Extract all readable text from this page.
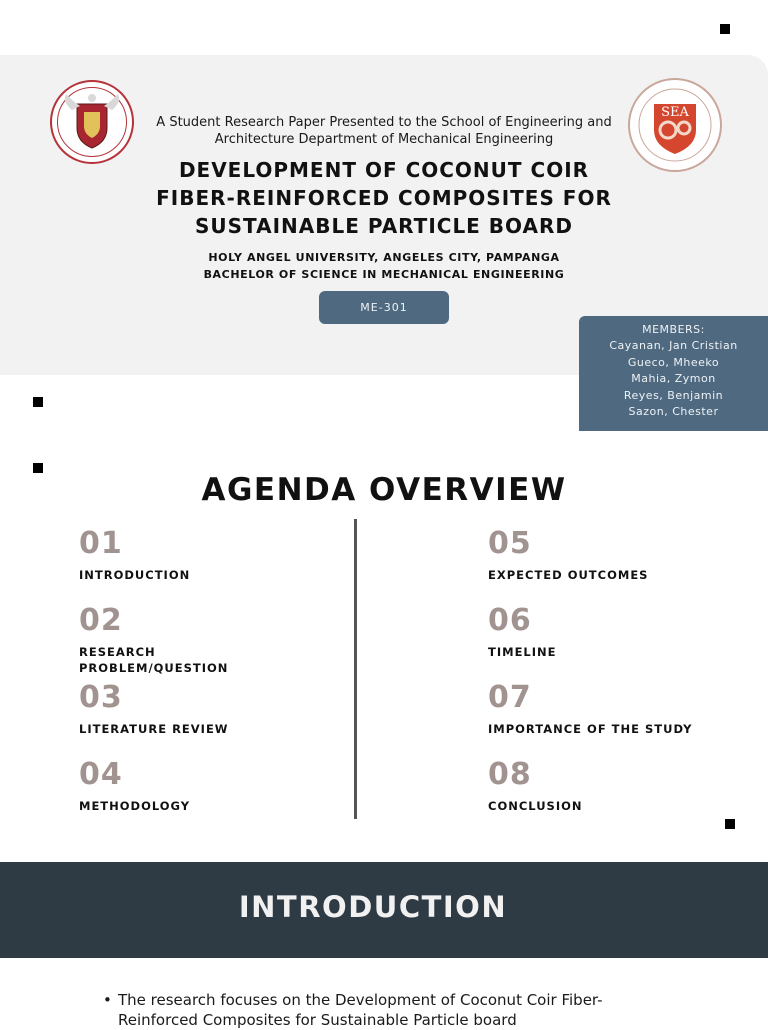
SEA
A Student Research Paper Presented to the School of Engineering and Architecture Department of Mechanical Engineering
DEVELOPMENT OF COCONUT COIR
FIBER-REINFORCED COMPOSITES FOR
SUSTAINABLE PARTICLE BOARD
HOLY ANGEL UNIVERSITY, ANGELES CITY, PAMPANGA
BACHELOR OF SCIENCE IN MECHANICAL ENGINEERING
ME-301
MEMBERS:
Cayanan, Jan Cristian
Gueco, Mheeko
Mahia, Zymon
Reyes, Benjamin
Sazon, Chester
AGENDA OVERVIEW
01
INTRODUCTION
02
RESEARCH PROBLEM/QUESTION
03
LITERATURE REVIEW
04
METHODOLOGY
05
EXPECTED OUTCOMES
06
TIMELINE
07
IMPORTANCE OF THE STUDY
08
CONCLUSION
INTRODUCTION
• The research focuses on the Development of Coconut Coir Fiber-Reinforced Composites for Sustainable Particle board
